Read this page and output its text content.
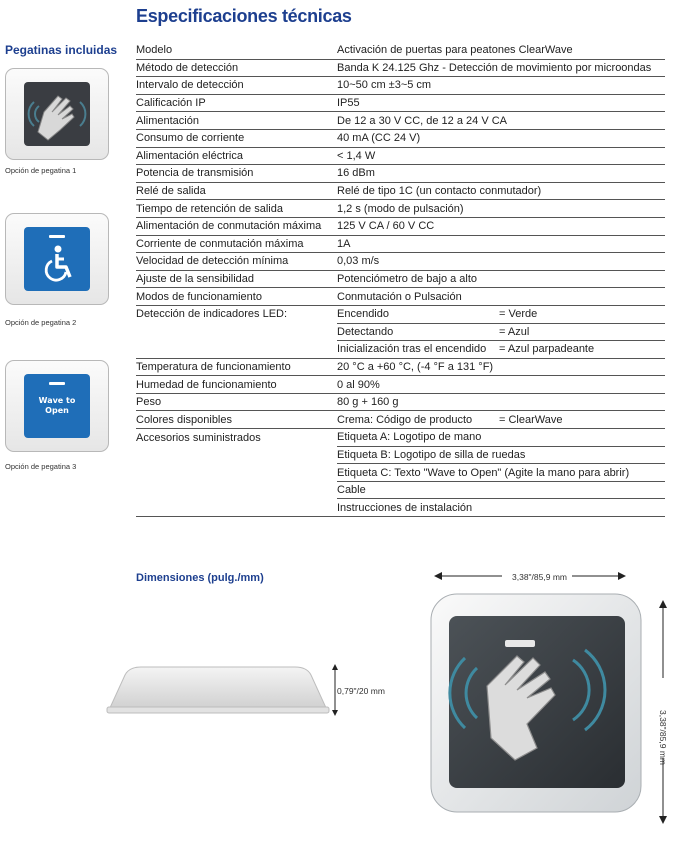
Especificaciones técnicas
Pegatinas incluidas
Opción de pegatina 1
Opción de pegatina 2
Wave to Open
Opción de pegatina 3
Modelo	Activación de puertas para peatones ClearWave	
Método de detección	Banda K 24.125 Ghz - Detección de movimiento por microondas	
Intervalo de detección	10~50 cm ±3~5 cm	
Calificación IP	IP55	
Alimentación	De 12 a 30 V CC, de 12 a 24 V CA	
Consumo de corriente	40 mA (CC 24 V)	
Alimentación eléctrica	< 1,4 W	
Potencia de transmisión	16 dBm	
Relé de salida	Relé de tipo 1C (un contacto conmutador)	
Tiempo de retención de salida	1,2 s (modo de pulsación)	
Alimentación de conmutación máxima	125 V CA / 60 V CC	
Corriente de conmutación máxima	1A	
Velocidad de detección mínima	0,03 m/s	
Ajuste de la sensibilidad	Potenciómetro de bajo a alto	
Modos de funcionamiento	Conmutación o Pulsación	
Detección de indicadores LED:	Encendido	= Verde
	Detectando	= Azul
	Inicialización tras el encendido	= Azul parpadeante
Temperatura de funcionamiento	20 °C a +60 °C, (-4 °F a 131 °F)	
Humedad de funcionamiento	0 al 90%	
Peso	80 g + 160 g	
Colores disponibles	Crema: Código de producto	= ClearWave
Accesorios suministrados	Etiqueta A: Logotipo de mano	
	Etiqueta B: Logotipo de silla de ruedas	
	Etiqueta C: Texto "Wave to Open" (Agite la mano para abrir)	
	Cable	
	Instrucciones de instalación	
Dimensiones (pulg./mm)
0,79"/20 mm
3,38"/85,9 mm
3,38"/85,9 mm
